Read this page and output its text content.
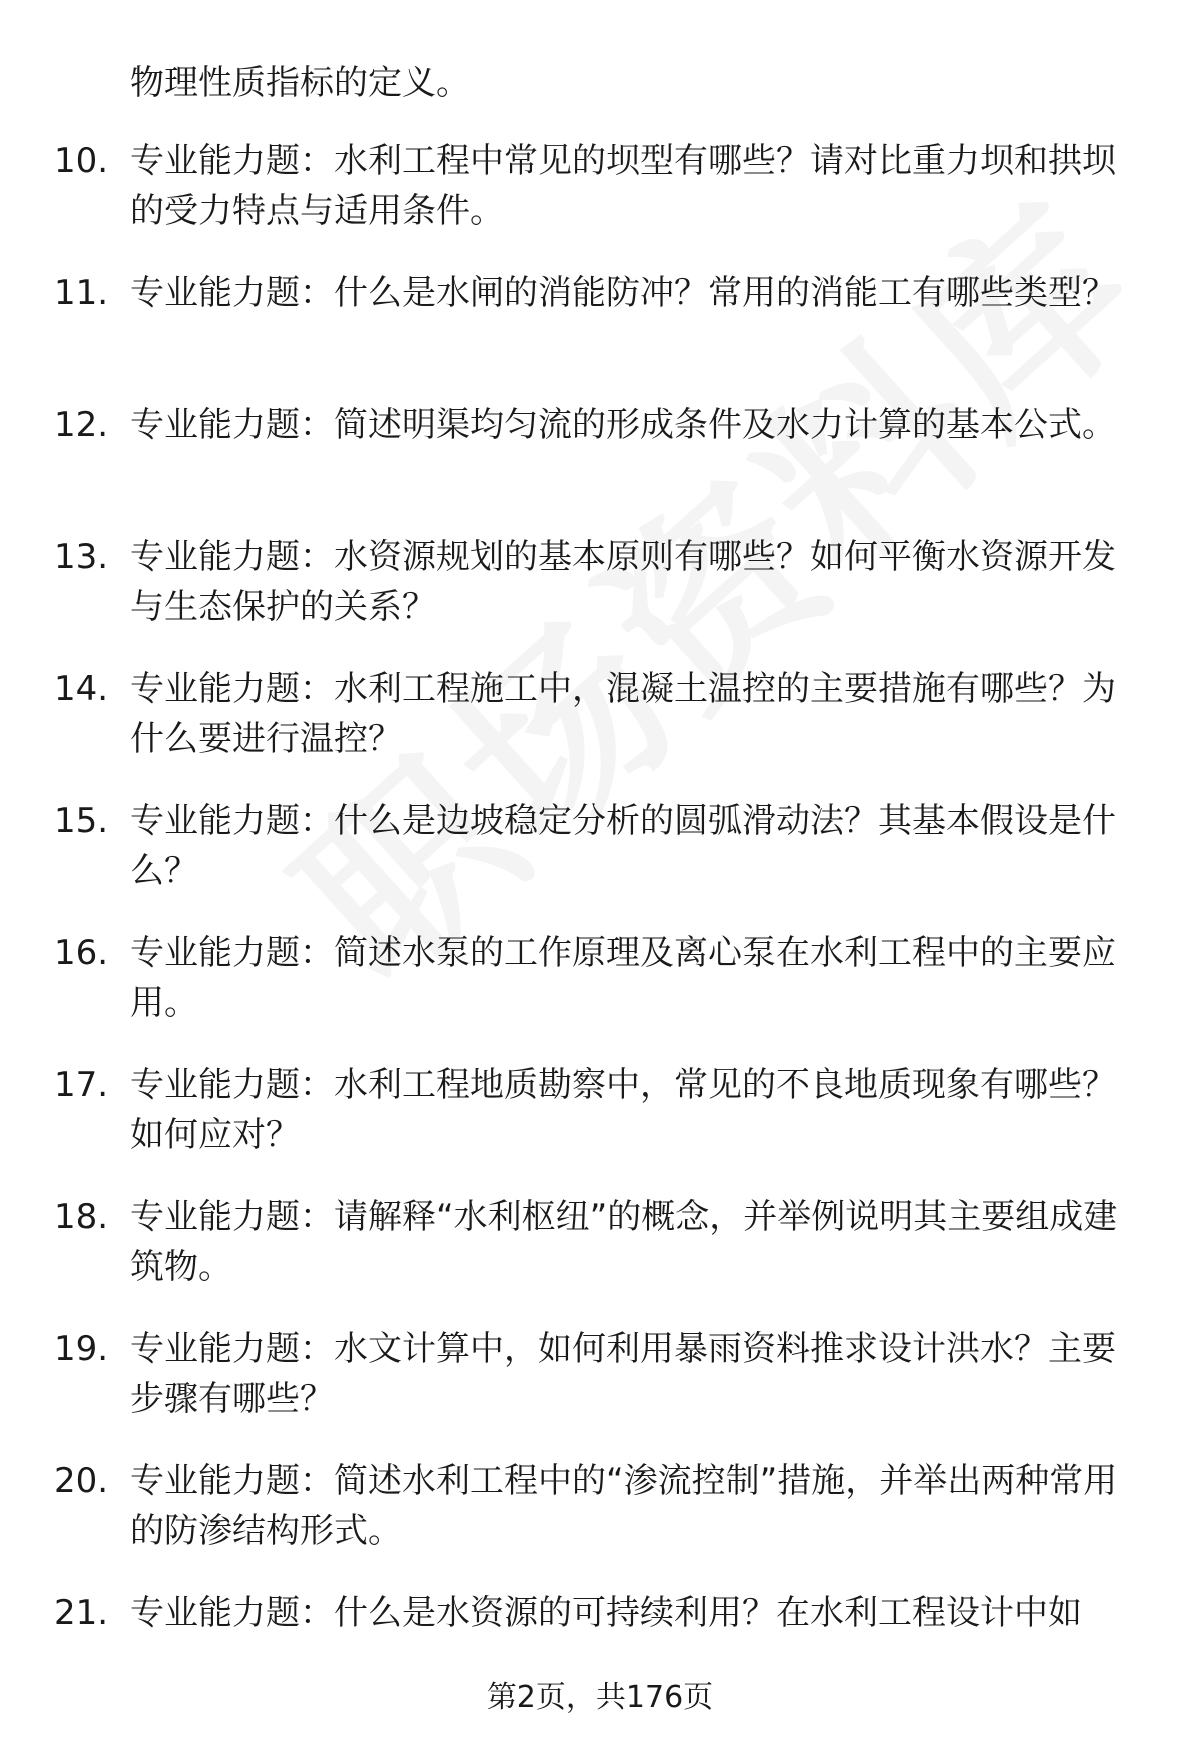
物理性质指标的定义。
10. 专业能力题：水利工程中常见的坝型有哪些？请对比重力坝和拱坝的受力特点与适用条件。
11. 专业能力题：什么是水闸的消能防冲？常用的消能工有哪些类型？
12. 专业能力题：简述明渠均匀流的形成条件及水力计算的基本公式。
13. 专业能力题：水资源规划的基本原则有哪些？如何平衡水资源开发与生态保护的关系？
14. 专业能力题：水利工程施工中，混凝土温控的主要措施有哪些？为什么要进行温控？
15. 专业能力题：什么是边坡稳定分析的圆弧滑动法？其基本假设是什么？
16. 专业能力题：简述水泵的工作原理及离心泵在水利工程中的主要应用。
17. 专业能力题：水利工程地质勘察中，常见的不良地质现象有哪些？如何应对？
18. 专业能力题：请解释“水利枢纽”的概念，并举例说明其主要组成建筑物。
19. 专业能力题：水文计算中，如何利用暴雨资料推求设计洪水？主要步骤有哪些？
20. 专业能力题：简述水利工程中的“渗流控制”措施，并举出两种常用的防渗结构形式。
21. 专业能力题：什么是水资源的可持续利用？在水利工程设计中如
第2页，共176页
